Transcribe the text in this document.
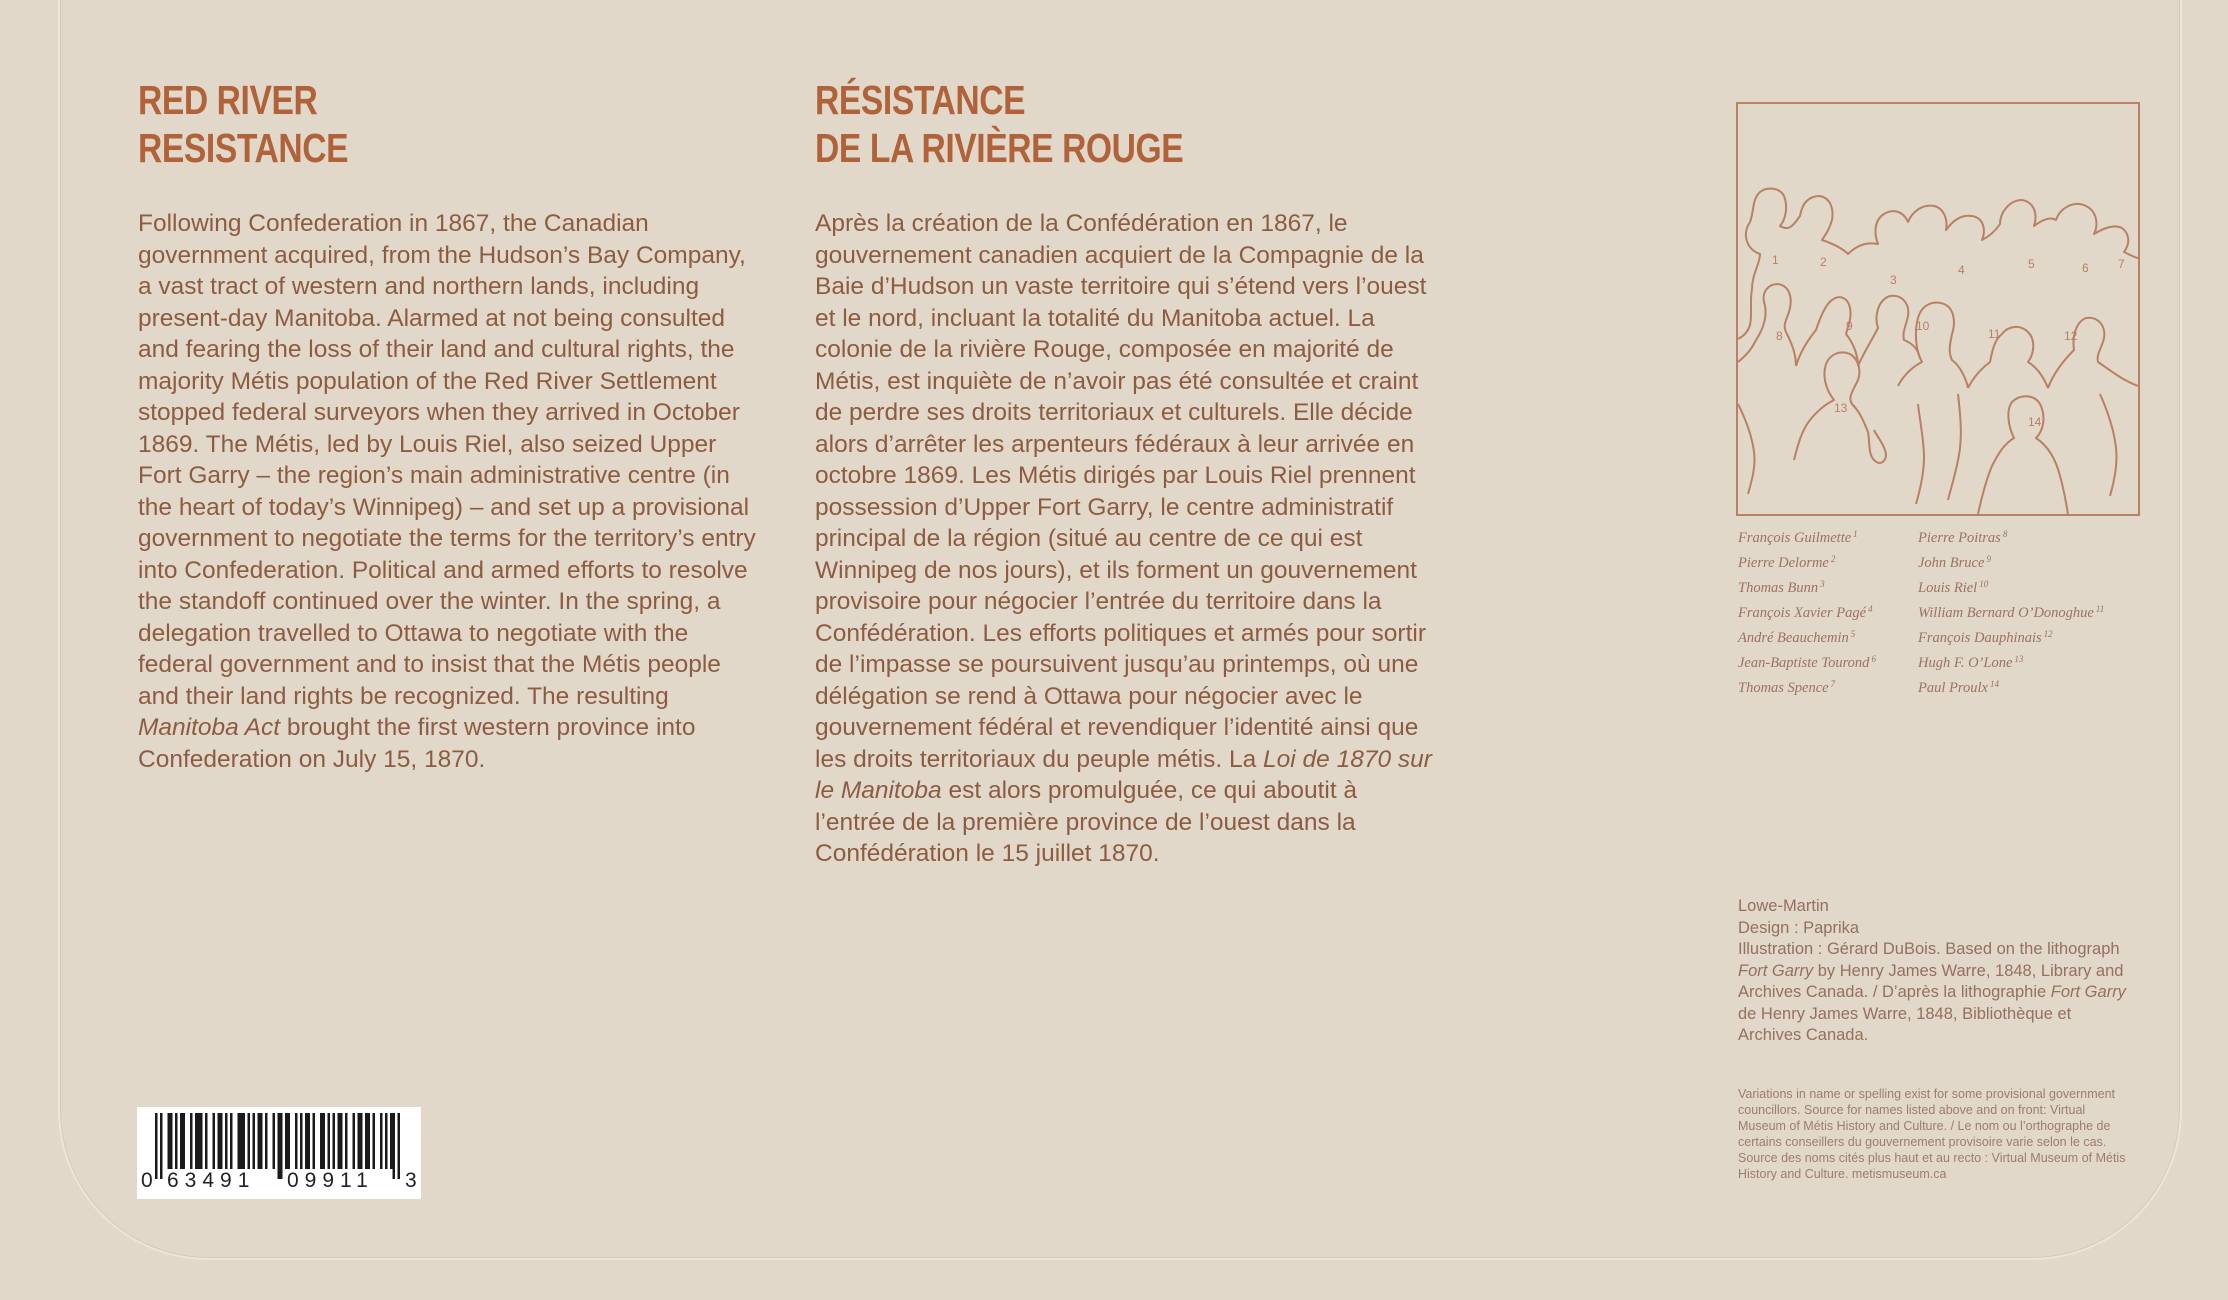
RED RIVER
RESISTANCE

Following Confederation in 1867, the Canadian government acquired, from the Hudson’s Bay Company, a vast tract of western and northern lands, including present-day Manitoba. Alarmed at not being consulted and fearing the loss of their land and cultural rights, the majority Métis population of the Red River Settlement stopped federal surveyors when they arrived in October 1869. The Métis, led by Louis Riel, also seized Upper Fort Garry – the region’s main administrative centre (in the heart of today’s Winnipeg) – and set up a provisional government to negotiate the terms for the territory’s entry into Confederation. Political and armed efforts to resolve the standoff continued over the winter. In the spring, a delegation travelled to Ottawa to negotiate with the federal government and to insist that the Métis people and their land rights be recognized. The resulting Manitoba Act brought the first western province into Confederation on July 15, 1870.

RÉSISTANCE
DE LA RIVIÈRE ROUGE

Après la création de la Confédération en 1867, le gouvernement canadien acquiert de la Compagnie de la Baie d’Hudson un vaste territoire qui s’étend vers l’ouest et le nord, incluant la totalité du Manitoba actuel. La colonie de la rivière Rouge, composée en majorité de Métis, est inquiète de n’avoir pas été consultée et craint de perdre ses droits territoriaux et culturels. Elle décide alors d’arrêter les arpenteurs fédéraux à leur arrivée en octobre 1869. Les Métis dirigés par Louis Riel prennent possession d’Upper Fort Garry, le centre administratif principal de la région (situé au centre de ce qui est Winnipeg de nos jours), et ils forment un gouvernement provisoire pour négocier l’entrée du territoire dans la Confédération. Les efforts politiques et armés pour sortir de l’impasse se poursuivent jusqu’au printemps, où une délégation se rend à Ottawa pour négocier avec le gouvernement fédéral et revendiquer l’identité ainsi que les droits territoriaux du peuple métis. La Loi de 1870 sur le Manitoba est alors promulguée, ce qui aboutit à l’entrée de la première province de l’ouest dans la Confédération le 15 juillet 1870.

1	2
3
4	5	6 7
8
9	10
11	12
13
14
François Guilmette $^1$
Pierre Delorme $^2$
Thomas Bunn $^3$
François Xavier Pagé $^4$
André Beauchemin $^5$
Jean-Baptiste Tourond $^6$
Thomas Spence $^7$
Pierre Poitras $^8$
John Bruce $^9$
Louis Riel $^{10}$
William Bernard O’Donoghue $^{11}$
François Dauphinais $^{12}$
Hugh F. O’Lone $^{13}$
Paul Proulx $^{14}$

Lowe-Martin

Design : Paprika

Illustration : Gérard DuBois. Based on the lithograph Fort Garry by Henry James Warre, 1848, Library and Archives Canada. / D’après la lithographie Fort Garry de Henry James Warre, 1848, Bibliothèque et Archives Canada.

Variations in name or spelling exist for some provisional government councillors. Source for names listed above and on front: Virtual Museum of Métis History and Culture. / Le nom ou l’orthographe de certains conseillers du gouvernement provisoire varie selon le cas. Source des noms cités plus haut et au recto : Virtual Museum of Métis History and Culture. metismuseum.ca

0 63491 09911 3
